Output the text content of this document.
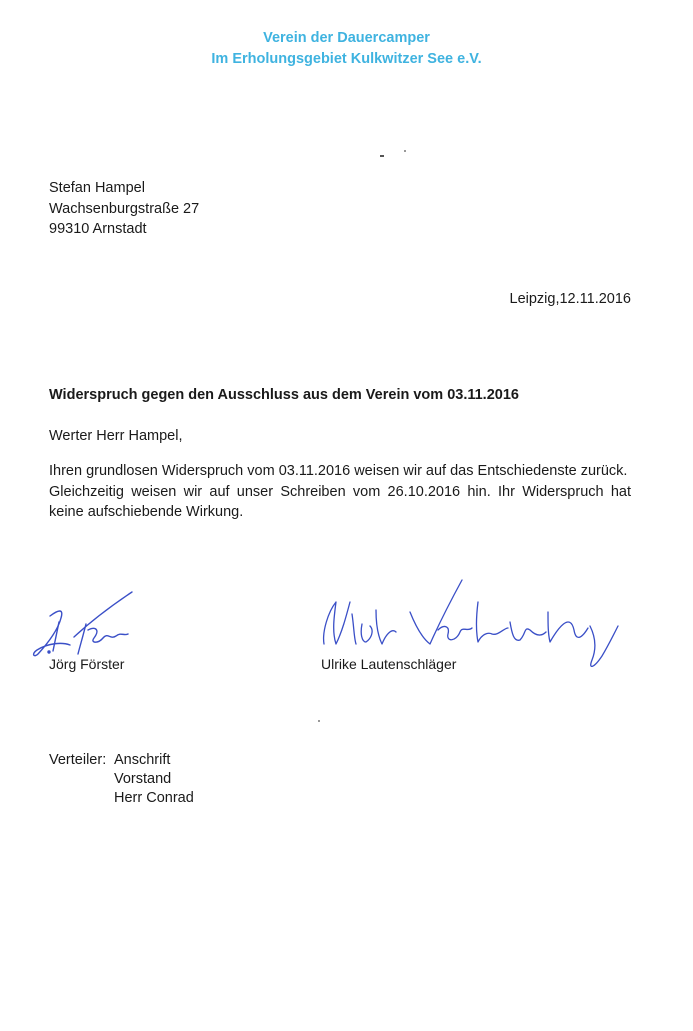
Verein der Dauercamper
Im Erholungsgebiet Kulkwitzer See e.V.
Stefan Hampel
Wachsenburgstraße 27
99310 Arnstadt
Leipzig,12.11.2016
Widerspruch gegen den Ausschluss aus dem Verein vom 03.11.2016
Werter Herr Hampel,

Ihren grundlosen Widerspruch vom 03.11.2016 weisen wir auf das Entschiedenste zurück.

Gleichzeitig weisen wir auf unser Schreiben vom 26.10.2016 hin. Ihr Widerspruch hat keine aufschiebende Wirkung.

Jörg Förster	Ulrike Lautenschläger
Verteiler: Anschrift
Vorstand
Herr Conrad
